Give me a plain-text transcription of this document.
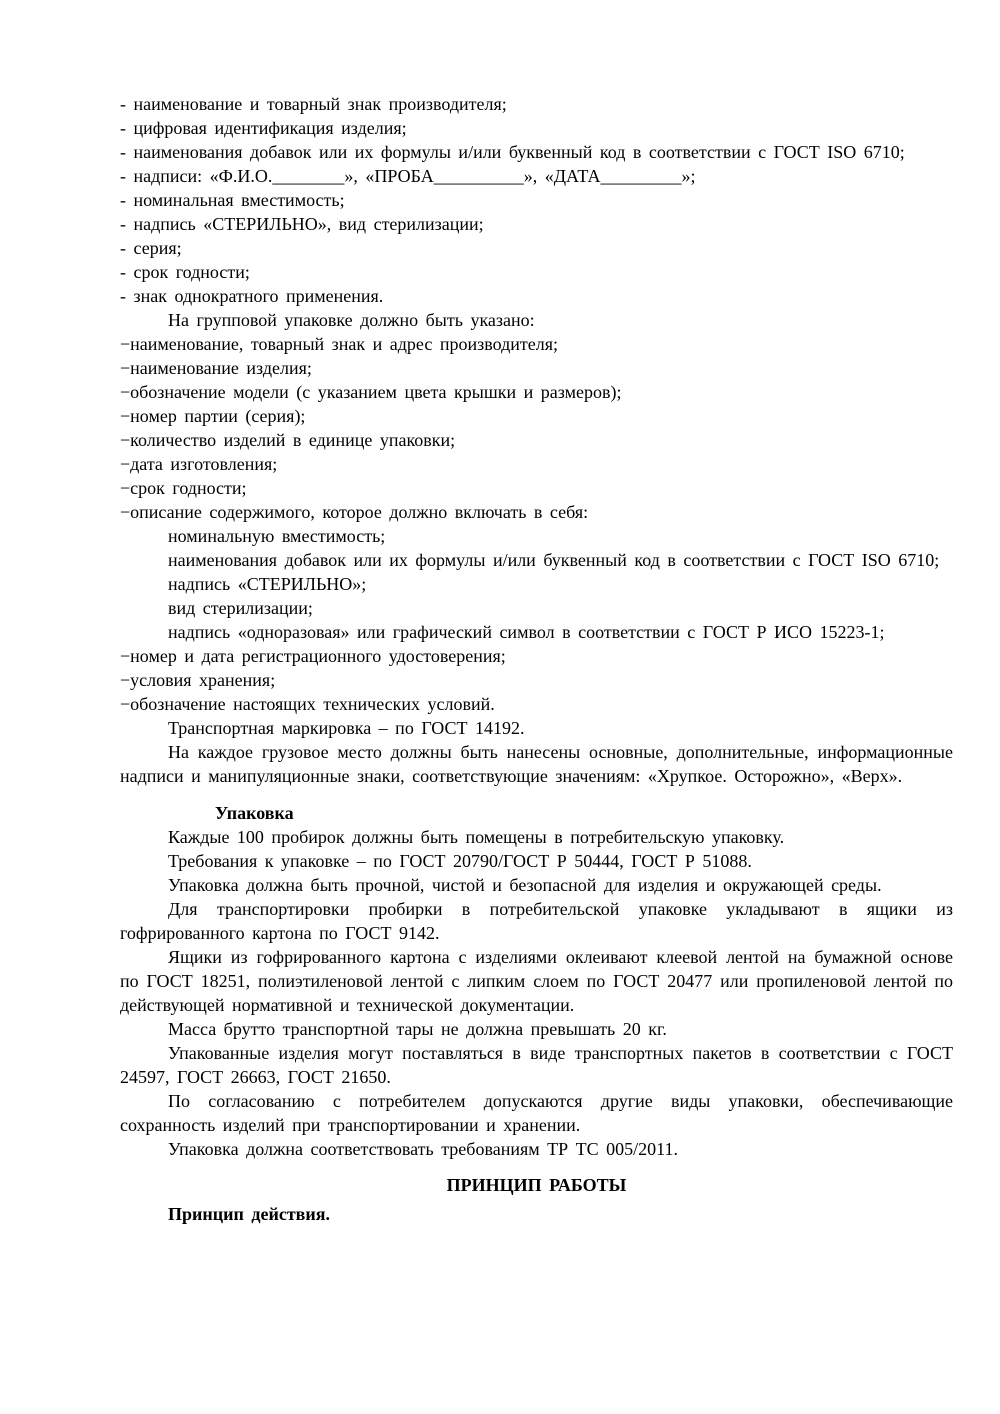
- наименование и товарный знак производителя;

- цифровая идентификация изделия;

- наименования добавок или их формулы и/или буквенный код в соответствии с ГОСТ ISO 6710;

- надписи: «Ф.И.О.________», «ПРОБА__________», «ДАТА_________»;

- номинальная вместимость;

- надпись «СТЕРИЛЬНО», вид стерилизации;

- серия;

- срок годности;

- знак однократного применения.

На групповой упаковке должно быть указано:

−наименование, товарный знак и адрес производителя;

−наименование изделия;

−обозначение модели (с указанием цвета крышки и размеров);

−номер партии (серия);

−количество изделий в единице упаковки;

−дата изготовления;

−срок годности;

−описание содержимого, которое должно включать в себя:

номинальную вместимость;

наименования добавок или их формулы и/или буквенный код в соответствии с ГОСТ ISO 6710;

надпись «СТЕРИЛЬНО»;

вид стерилизации;

надпись «одноразовая» или графический символ в соответствии с ГОСТ Р ИСО 15223-1;

−номер и дата регистрационного удостоверения;

−условия хранения;

−обозначение настоящих технических условий.

Транспортная маркировка – по ГОСТ 14192.

На каждое грузовое место должны быть нанесены основные, дополнительные, информационные надписи и манипуляционные знаки, соответствующие значениям: «Хрупкое. Осторожно», «Верх».

Упаковка

Каждые 100 пробирок должны быть помещены в потребительскую упаковку.

Требования к упаковке – по ГОСТ 20790/ГОСТ Р 50444, ГОСТ Р 51088.

Упаковка должна быть прочной, чистой и безопасной для изделия и окружающей среды.

Для транспортировки пробирки в потребительской упаковке укладывают в ящики из гофрированного картона по ГОСТ 9142.

Ящики из гофрированного картона с изделиями оклеивают клеевой лентой на бумажной основе по ГОСТ 18251, полиэтиленовой лентой с липким слоем по ГОСТ 20477 или пропиленовой лентой по действующей нормативной и технической документации.

Масса брутто транспортной тары не должна превышать 20 кг.

Упакованные изделия могут поставляться в виде транспортных пакетов в соответствии с ГОСТ 24597, ГОСТ 26663, ГОСТ 21650.

По согласованию с потребителем допускаются другие виды упаковки, обеспечивающие сохранность изделий при транспортировании и хранении.

Упаковка должна соответствовать требованиям ТР ТС 005/2011.

ПРИНЦИП РАБОТЫ

Принцип действия.
